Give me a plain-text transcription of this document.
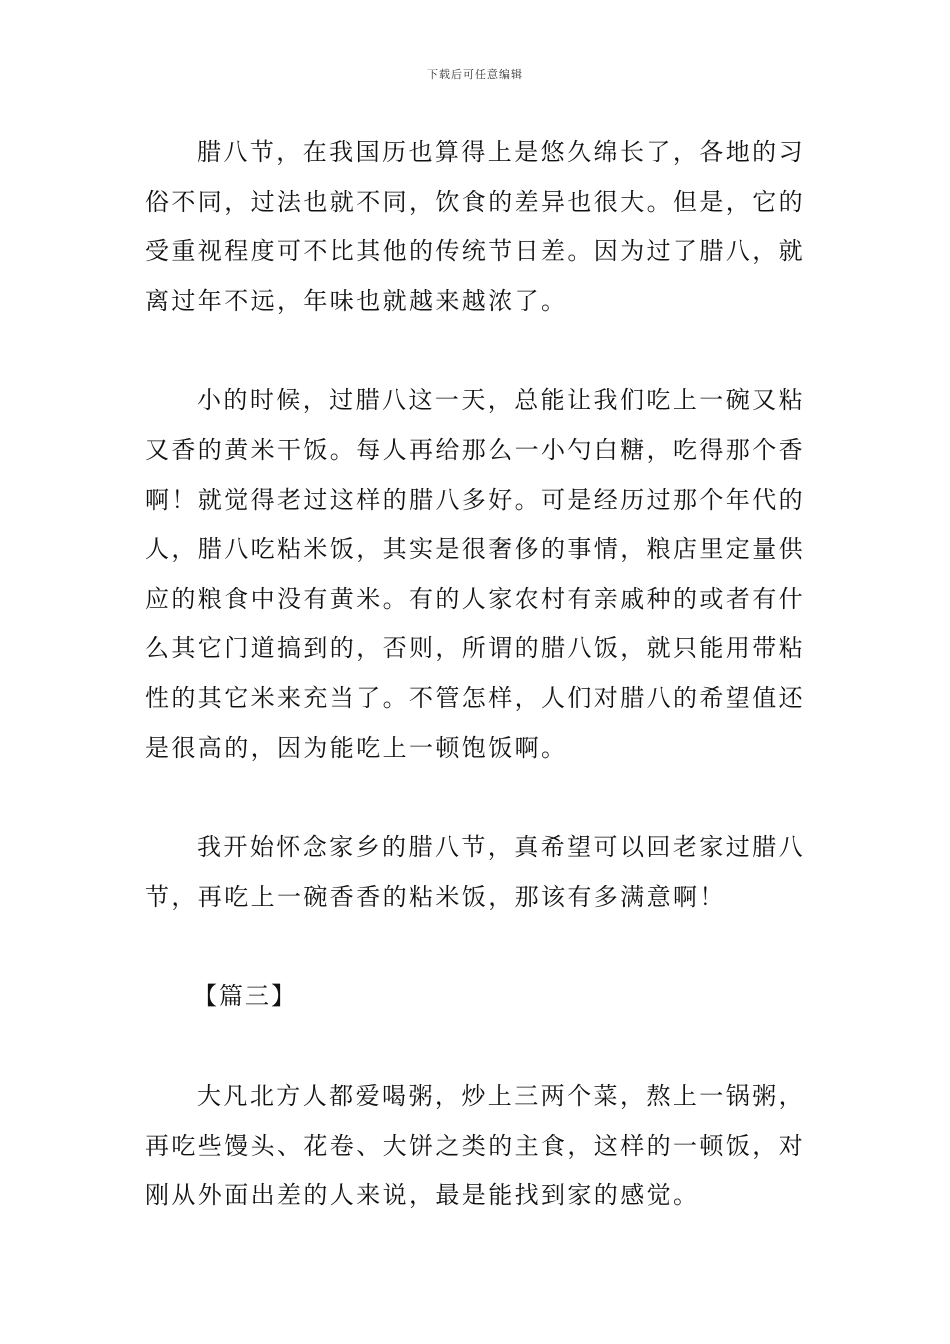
下载后可任意编辑

腊八节，在我国历也算得上是悠久绵长了，各地的习俗不同，过法也就不同，饮食的差异也很大。但是，它的受重视程度可不比其他的传统节日差。因为过了腊八，就离过年不远，年味也就越来越浓了。

小的时候，过腊八这一天，总能让我们吃上一碗又粘又香的黄米干饭。每人再给那么一小勺白糖，吃得那个香啊！就觉得老过这样的腊八多好。可是经历过那个年代的人，腊八吃粘米饭，其实是很奢侈的事情，粮店里定量供应的粮食中没有黄米。有的人家农村有亲戚种的或者有什么其它门道搞到的，否则，所谓的腊八饭，就只能用带粘性的其它米来充当了。不管怎样，人们对腊八的希望值还是很高的，因为能吃上一顿饱饭啊。

我开始怀念家乡的腊八节，真希望可以回老家过腊八节，再吃上一碗香香的粘米饭，那该有多满意啊！

【篇三】

大凡北方人都爱喝粥，炒上三两个菜，熬上一锅粥，再吃些馒头、花卷、大饼之类的主食，这样的一顿饭，对刚从外面出差的人来说，最是能找到家的感觉。
